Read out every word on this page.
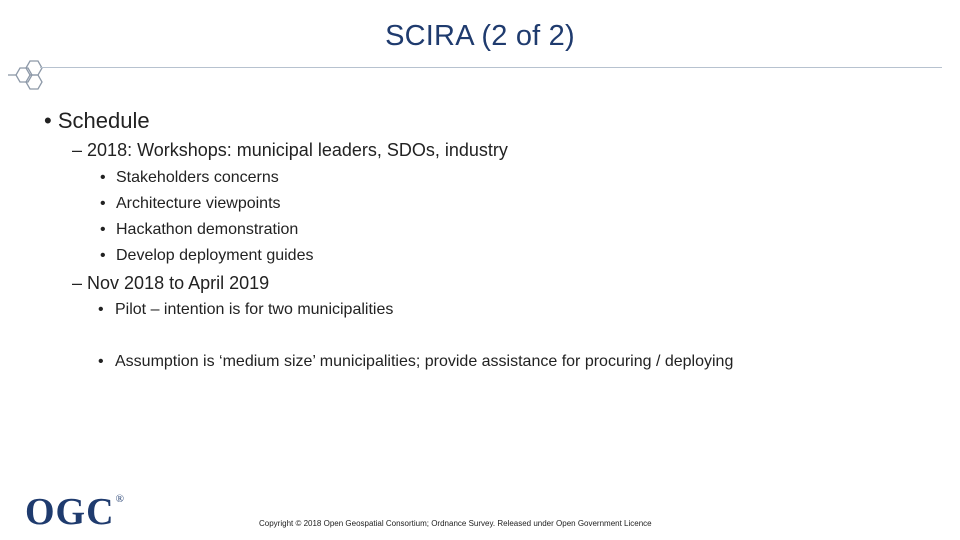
SCIRA (2 of 2)
• Schedule
– 2018: Workshops: municipal leaders, SDOs, industry
• Stakeholders concerns
• Architecture viewpoints
• Hackathon demonstration
• Develop deployment guides
– Nov 2018 to April 2019
• Pilot – intention is for two municipalities
• Assumption is ‘medium size’ municipalities; provide assistance for procuring / deploying
OGC®
Copyright © 2018 Open Geospatial Consortium; Ordnance Survey. Released under Open Government Licence
